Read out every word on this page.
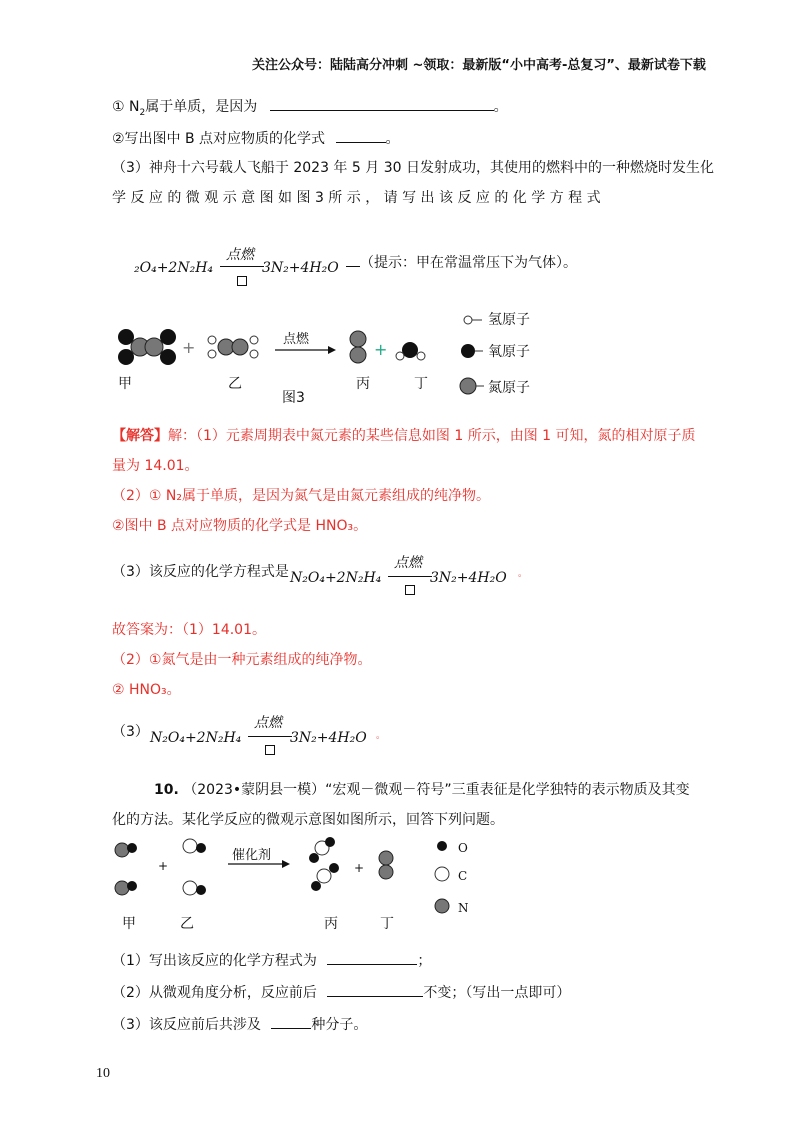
关注公众号：陆陆高分冲刺 ~领取：最新版“小中高考-总复习”、最新试卷下载
① $N_2$属于单质，是因为	。
②写出图中 B 点对应物质的化学式	。
（3）神舟十六号载人飞船于 2023 年 5 月 30 日发射成功，其使用的燃料中的一种燃烧时发生化
学 反 应 的 微 观 示 意 图 如 图 3 所 示 ， 请 写 出 该 反 应 的 化 学 方 程 式
点燃
₂O₄+2N₂H₄	3N₂+4H₂O	（提示：甲在常温常压下为气体）。
+	+
点燃
甲	乙	丙	丁
图3
氢原子
氧原子
氮原子
【解答】解：（1）元素周期表中氮元素的某些信息如图 1 所示，由图 1 可知，氮的相对原子质
量为 14.01。
（2）① N₂属于单质，是因为氮气是由氮元素组成的纯净物。
②图中 B 点对应物质的化学式是 HNO₃。
（3）该反应的化学方程式是
点燃
N₂O₄+2N₂H₄	3N₂+4H₂O 。
故答案为：（1）14.01。
（2）①氮气是由一种元素组成的纯净物。
② HNO₃。
（3）
点燃
N₂O₄+2N₂H₄	3N₂+4H₂O 。
10. （2023•蒙阴县一模）“宏观－微观－符号”三重表征是化学独特的表示物质及其变
化的方法。某化学反应的微观示意图如图所示，回答下列问题。
+	+
催化剂
甲	乙	丙	丁
O
C
N
（1）写出该反应的化学方程式为	；
（2）从微观角度分析，反应前后	不变；（写出一点即可）
（3）该反应前后共涉及	种分子。
10
